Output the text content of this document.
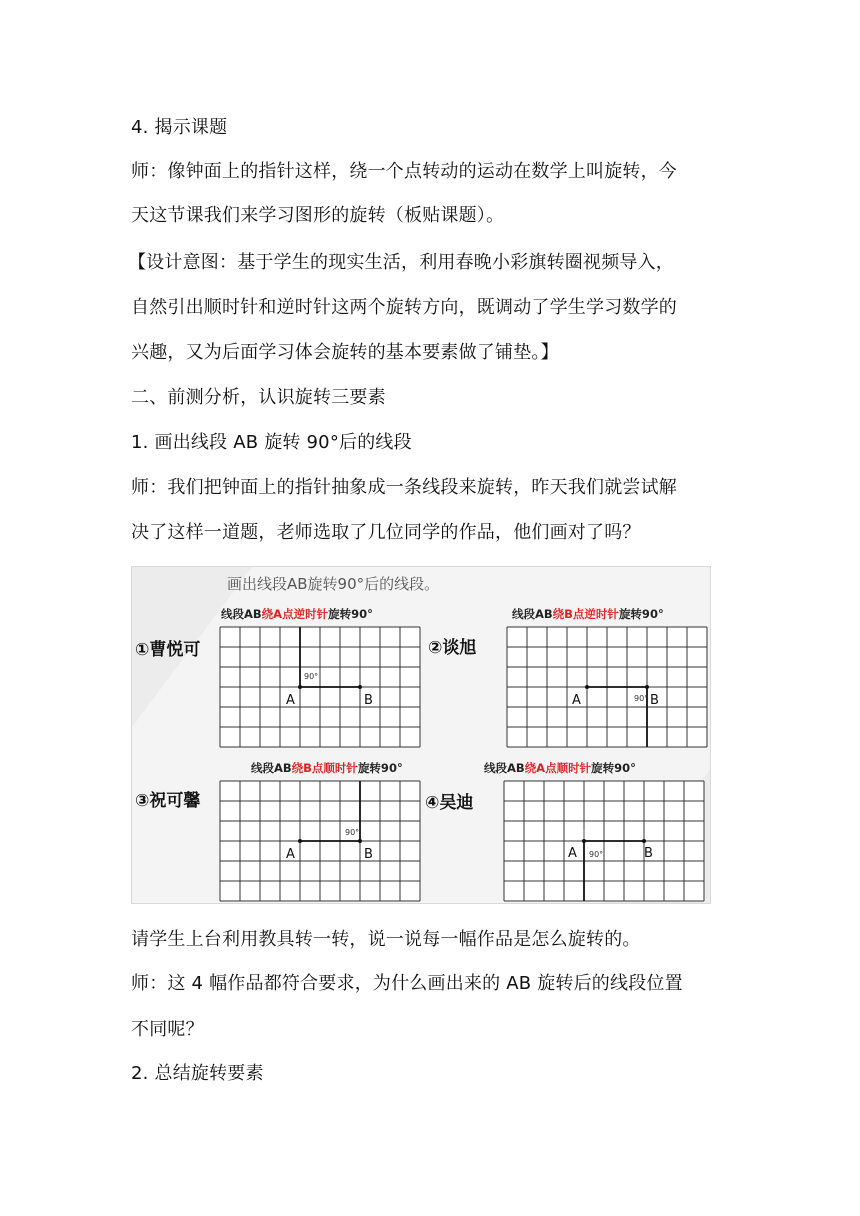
4. 揭示课题
师：像钟面上的指针这样，绕一个点转动的运动在数学上叫旋转，今
天这节课我们来学习图形的旋转（板贴课题）。
【设计意图：基于学生的现实生活，利用春晚小彩旗转圈视频导入，
自然引出顺时针和逆时针这两个旋转方向，既调动了学生学习数学的
兴趣，又为后面学习体会旋转的基本要素做了铺垫。】
二、前测分析，认识旋转三要素
1. 画出线段 AB 旋转 90°后的线段
师：我们把钟面上的指针抽象成一条线段来旋转，昨天我们就尝试解
决了这样一道题，老师选取了几位同学的作品，他们画对了吗？
画出线段AB旋转90°后的线段。
线段AB绕A点逆时针旋转90°
①曹悦可
90°
A	B
线段AB绕B点逆时针旋转90°
②谈旭
90°
A	B
线段AB绕B点顺时针旋转90°
③祝可馨
90°
A	B
线段AB绕A点顺时针旋转90°
④吴迪
90°
A	B
请学生上台利用教具转一转，说一说每一幅作品是怎么旋转的。
师：这 4 幅作品都符合要求，为什么画出来的 AB 旋转后的线段位置
不同呢？
2. 总结旋转要素
